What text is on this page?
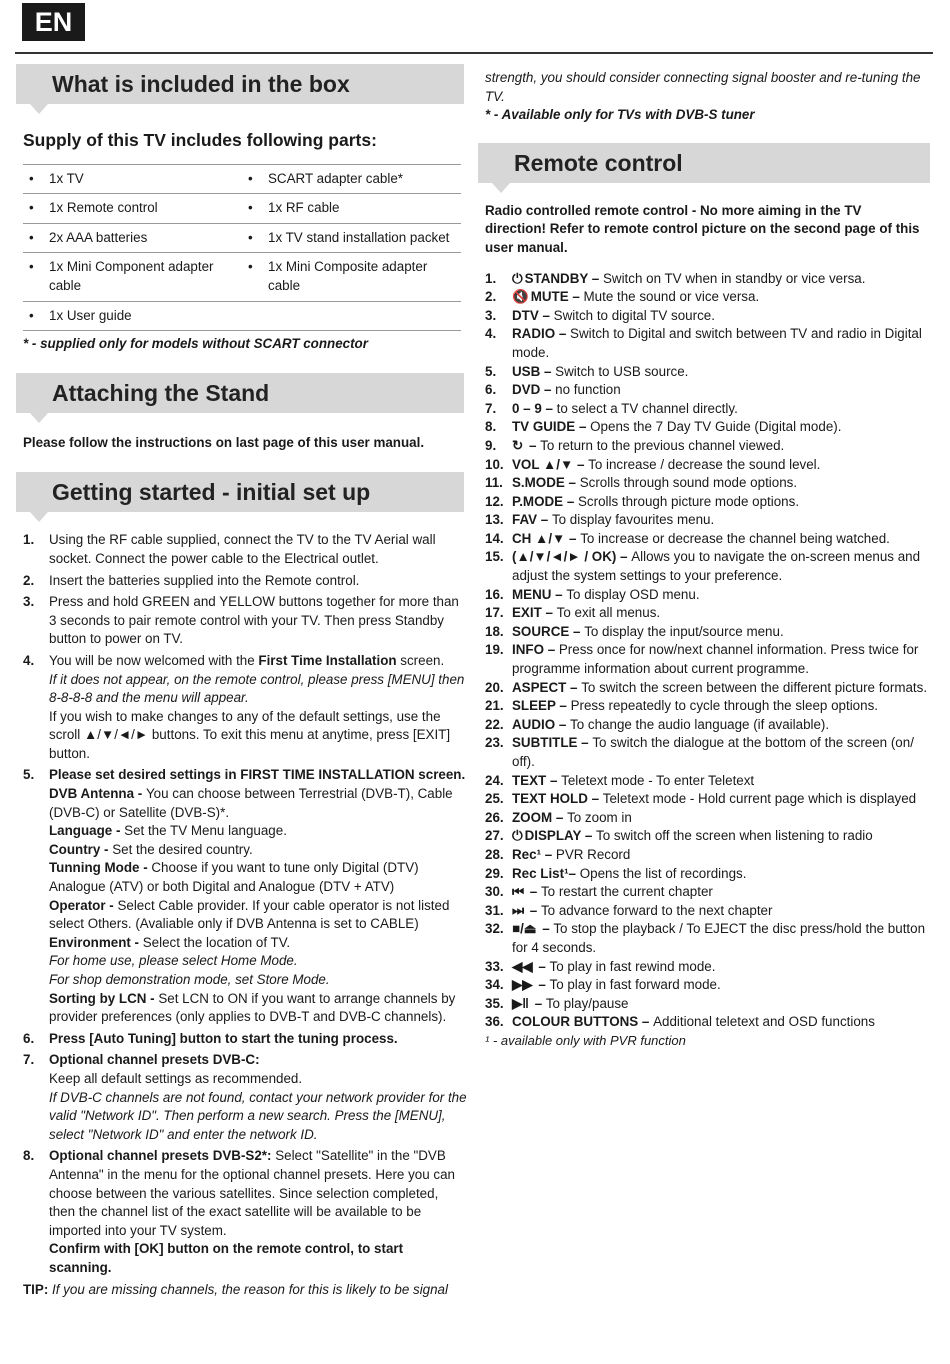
EN
What is included in the box
Supply of this TV includes following parts:
• 1x TV	• SCART adapter cable*

• 1x Remote control	• 1x RF cable

• 2x AAA batteries	• 1x TV stand installation packet

• 1x Mini Component adapter cable	• 1x Mini Composite adapter cable

• 1x User guide	

* - supplied only for models without SCART connector
Attaching the Stand
Please follow the instructions on last page of this user manual.
Getting started - initial set up
1.	Using the RF cable supplied, connect the TV to the TV Aerial wall socket. Connect the power cable to the Electrical outlet.
2.	Insert the batteries supplied into the Remote control.
3.	Press and hold GREEN and YELLOW buttons together for more than 3 seconds to pair remote control with your TV. Then press Standby button to power on TV.
4.	You will be now welcomed with the First Time Installation screen.
If it does not appear, on the remote control, please press [MENU] then 8-8-8-8 and the menu will appear.
If you wish to make changes to any of the default settings, use the scroll ▲/▼/◄/► buttons. To exit this menu at anytime, press [EXIT] button.
5.	Please set desired settings in FIRST TIME INSTALLATION screen.
DVB Antenna - You can choose between Terrestrial (DVB-T), Cable (DVB-C) or Satellite (DVB-S)*.
Language - Set the TV Menu language.
Country - Set the desired country.
Tunning Mode - Choose if you want to tune only Digital (DTV) Analogue (ATV) or both Digital and Analogue (DTV + ATV)
Operator - Select Cable provider. If your cable operator is not listed select Others. (Avaliable only if DVB Antenna is set to CABLE)
Environment - Select the location of TV.
For home use, please select Home Mode.
For shop demonstration mode, set Store Mode.
Sorting by LCN - Set LCN to ON if you want to arrange channels by provider preferences (only applies to DVB-T and DVB-C channels).
6.	Press [Auto Tuning] button to start the tuning process.
7.	Optional channel presets DVB-C:
Keep all default settings as recommended.
If DVB-C channels are not found, contact your network provider for the valid "Network ID". Then perform a new search. Press the [MENU], select "Network ID" and enter the network ID.
8.	Optional channel presets DVB-S2*: Select "Satellite" in the "DVB Antenna" in the menu for the optional channel presets. Here you can choose between the various satellites. Since selection completed, then the channel list of the exact satellite will be available to be imported into your TV system.
Confirm with [OK] button on the remote control, to start scanning.
TIP: If you are missing channels, the reason for this is likely to be signal
strength, you should consider connecting signal booster and re-tuning the TV.
* - Available only for TVs with DVB-S tuner
Remote control
Radio controlled remote control - No more aiming in the TV direction! Refer to remote control picture on the second page of this user manual.
1.	⏻ STANDBY – Switch on TV when in standby or vice versa.
2.	🔇 MUTE – Mute the sound or vice versa.
3.	DTV – Switch to digital TV source.
4.	RADIO – Switch to Digital and switch between TV and radio in Digital mode.
5.	USB – Switch to USB source.
6.	DVD – no function
7.	0 – 9 – to select a TV channel directly.
8.	TV GUIDE – Opens the 7 Day TV Guide (Digital mode).
9.	↻ – To return to the previous channel viewed.
10. VOL ▲/▼ – To increase / decrease the sound level.
11. S.MODE – Scrolls through sound mode options.
12. P.MODE – Scrolls through picture mode options.
13. FAV – To display favourites menu.
14. CH ▲/▼ – To increase or decrease the channel being watched.
15. (▲/▼/◄/► / OK) – Allows you to navigate the on-screen menus and adjust the system settings to your preference.
16. MENU – To display OSD menu.
17. EXIT – To exit all menus.
18. SOURCE – To display the input/source menu.
19. INFO – Press once for now/next channel information. Press twice for programme information about current programme.
20. ASPECT – To switch the screen between the different picture formats.
21. SLEEP – Press repeatedly to cycle through the sleep options.
22. AUDIO – To change the audio language (if available).
23. SUBTITLE – To switch the dialogue at the bottom of the screen (on/ off).
24. TEXT – Teletext mode - To enter Teletext
25. TEXT HOLD – Teletext mode - Hold current page which is displayed
26. ZOOM – To zoom in
27. ⏻ DISPLAY – To switch off the screen when listening to radio
28. Rec¹ – PVR Record
29. Rec List¹– Opens the list of recordings.
30. ⏮ – To restart the current chapter
31. ⏭ – To advance forward to the next chapter
32. ■/⏏ – To stop the playback / To EJECT the disc press/hold the button for 4 seconds.
33. ◀◀ – To play in fast rewind mode.
34. ▶▶ – To play in fast forward mode.
35. ▶‖ – To play/pause
36. COLOUR BUTTONS – Additional teletext and OSD functions
¹ - available only with PVR function
